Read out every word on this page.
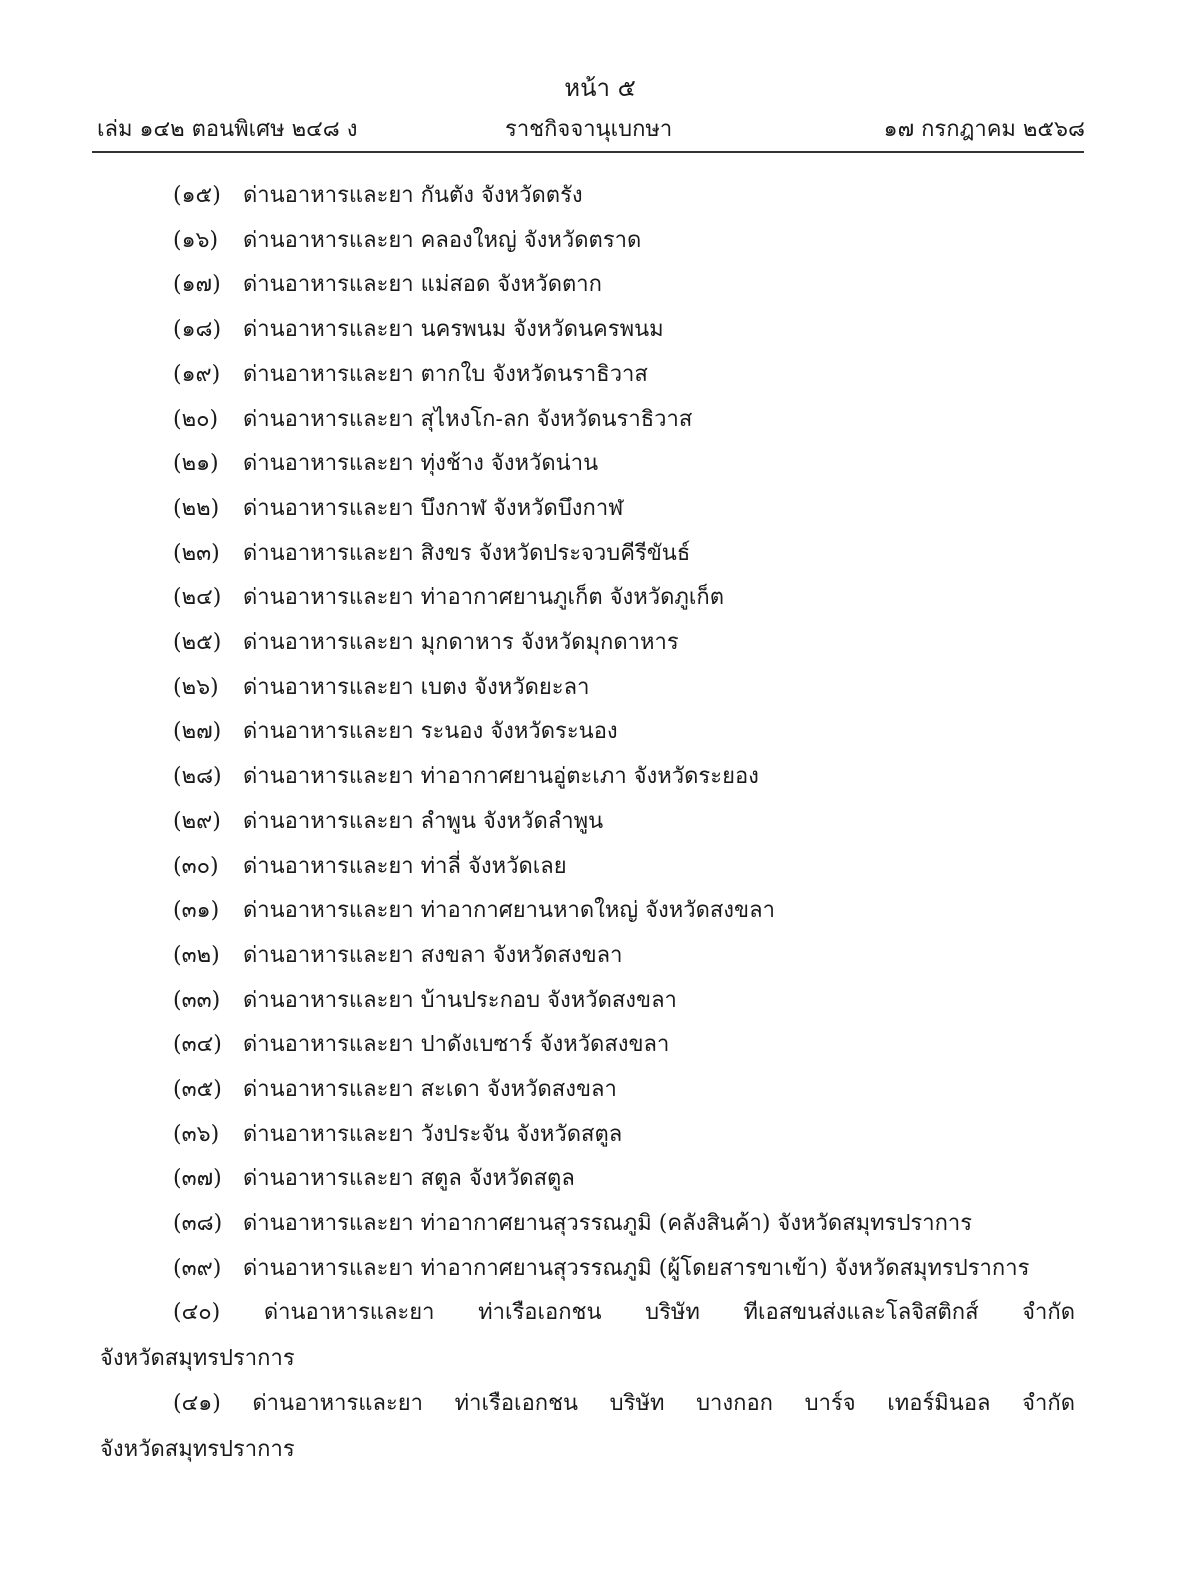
หน้า ๕
เล่ม ๑๔๒ ตอนพิเศษ ๒๔๘ ง	ราชกิจจานุเบกษา	๑๗ กรกฎาคม ๒๕๖๘
(๑๕) ด่านอาหารและยา กันตัง จังหวัดตรัง
(๑๖) ด่านอาหารและยา คลองใหญ่ จังหวัดตราด
(๑๗) ด่านอาหารและยา แม่สอด จังหวัดตาก
(๑๘) ด่านอาหารและยา นครพนม จังหวัดนครพนม
(๑๙) ด่านอาหารและยา ตากใบ จังหวัดนราธิวาส
(๒๐) ด่านอาหารและยา สุไหงโก-ลก จังหวัดนราธิวาส
(๒๑) ด่านอาหารและยา ทุ่งช้าง จังหวัดน่าน
(๒๒) ด่านอาหารและยา บึงกาฬ จังหวัดบึงกาฬ
(๒๓) ด่านอาหารและยา สิงขร จังหวัดประจวบคีรีขันธ์
(๒๔) ด่านอาหารและยา ท่าอากาศยานภูเก็ต จังหวัดภูเก็ต
(๒๕) ด่านอาหารและยา มุกดาหาร จังหวัดมุกดาหาร
(๒๖) ด่านอาหารและยา เบตง จังหวัดยะลา
(๒๗) ด่านอาหารและยา ระนอง จังหวัดระนอง
(๒๘) ด่านอาหารและยา ท่าอากาศยานอู่ตะเภา จังหวัดระยอง
(๒๙) ด่านอาหารและยา ลำพูน จังหวัดลำพูน
(๓๐) ด่านอาหารและยา ท่าลี่ จังหวัดเลย
(๓๑) ด่านอาหารและยา ท่าอากาศยานหาดใหญ่ จังหวัดสงขลา
(๓๒) ด่านอาหารและยา สงขลา จังหวัดสงขลา
(๓๓) ด่านอาหารและยา บ้านประกอบ จังหวัดสงขลา
(๓๔) ด่านอาหารและยา ปาดังเบซาร์ จังหวัดสงขลา
(๓๕) ด่านอาหารและยา สะเดา จังหวัดสงขลา
(๓๖) ด่านอาหารและยา วังประจัน จังหวัดสตูล
(๓๗) ด่านอาหารและยา สตูล จังหวัดสตูล
(๓๘) ด่านอาหารและยา ท่าอากาศยานสุวรรณภูมิ (คลังสินค้า) จังหวัดสมุทรปราการ
(๓๙) ด่านอาหารและยา ท่าอากาศยานสุวรรณภูมิ (ผู้โดยสารขาเข้า) จังหวัดสมุทรปราการ
(๔๐) ด่านอาหารและยา ท่าเรือเอกชน บริษัท ทีเอสขนส่งและโลจิสติกส์ จำกัด
จังหวัดสมุทรปราการ
(๔๑) ด่านอาหารและยา ท่าเรือเอกชน บริษัท บางกอก บาร์จ เทอร์มินอล จำกัด
จังหวัดสมุทรปราการ
